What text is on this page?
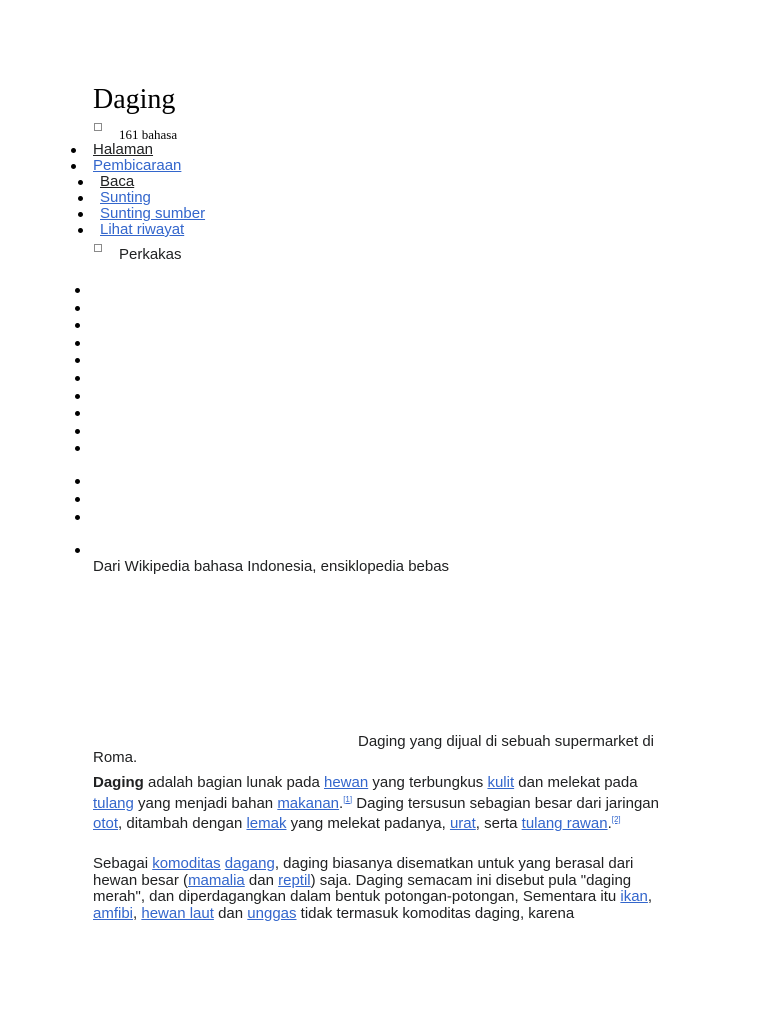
Daging
161 bahasa
Halaman
Pembicaraan
Baca
Sunting
Sunting sumber
Lihat riwayat
Perkakas
Dari Wikipedia bahasa Indonesia, ensiklopedia bebas
Daging yang dijual di sebuah supermarket di
Roma.

Daging adalah bagian lunak pada hewan yang terbungkus kulit dan melekat pada tulang yang menjadi bahan makanan.[1] Daging tersusun sebagian besar dari jaringan otot, ditambah dengan lemak yang melekat padanya, urat, serta tulang rawan.[2]

Sebagai komoditas dagang, daging biasanya disematkan untuk yang berasal dari hewan besar (mamalia dan reptil) saja. Daging semacam ini disebut pula "daging merah", dan diperdagangkan dalam bentuk potongan-potongan, Sementara itu ikan, amfibi, hewan laut dan unggas tidak termasuk komoditas daging, karena
